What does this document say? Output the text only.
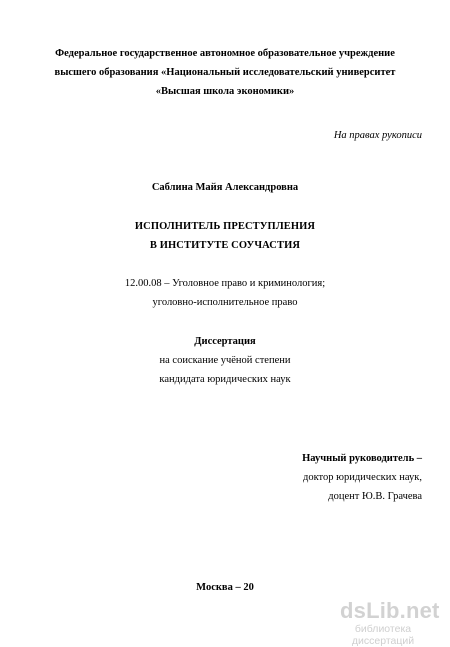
Федеральное государственное автономное образовательное учреждение
высшего образования «Национальный исследовательский университет
«Высшая школа экономики»
На правах рукописи
Саблина Майя Александровна
ИСПОЛНИТЕЛЬ ПРЕСТУПЛЕНИЯ
В ИНСТИТУТЕ СОУЧАСТИЯ
12.00.08 – Уголовное право и криминология;
уголовно-исполнительное право
Диссертация
на соискание учёной степени
кандидата юридических наук
Научный руководитель –
доктор юридических наук,
доцент Ю.В. Грачева
Москва – 20
dsLib.net
библиотека диссертаций
